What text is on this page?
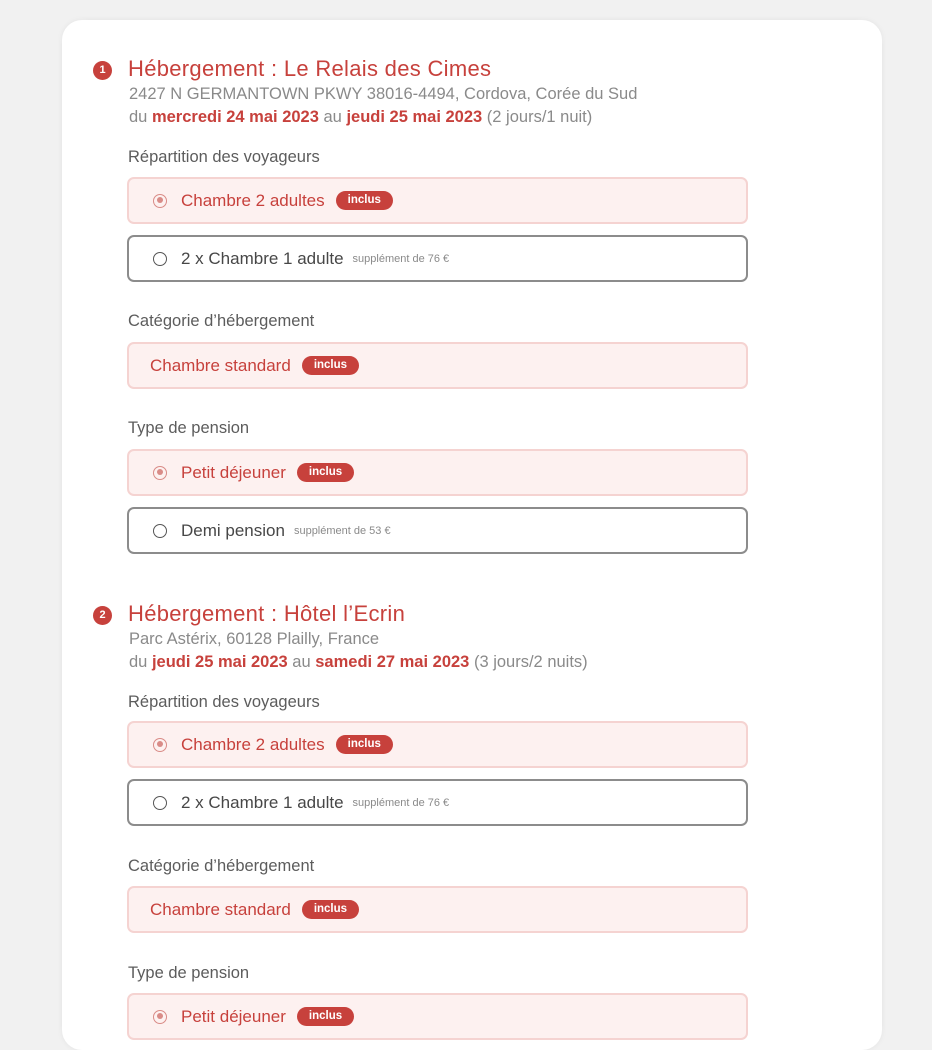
1 Hébergement : Le Relais des Cimes
2427 N GERMANTOWN PKWY 38016-4494, Cordova, Corée du Sud
du mercredi 24 mai 2023 au jeudi 25 mai 2023 (2 jours/1 nuit)
Répartition des voyageurs
Chambre 2 adultes	inclus
2 x Chambre 1 adulte supplément de 76 €
Catégorie d’hébergement
Chambre standard	inclus
Type de pension
Petit déjeuner	inclus
Demi pension supplément de 53 €
2 Hébergement : Hôtel l’Ecrin
Parc Astérix, 60128 Plailly, France
du jeudi 25 mai 2023 au samedi 27 mai 2023 (3 jours/2 nuits)
Répartition des voyageurs
Chambre 2 adultes	inclus
2 x Chambre 1 adulte supplément de 76 €
Catégorie d’hébergement
Chambre standard	inclus
Type de pension
Petit déjeuner	inclus
